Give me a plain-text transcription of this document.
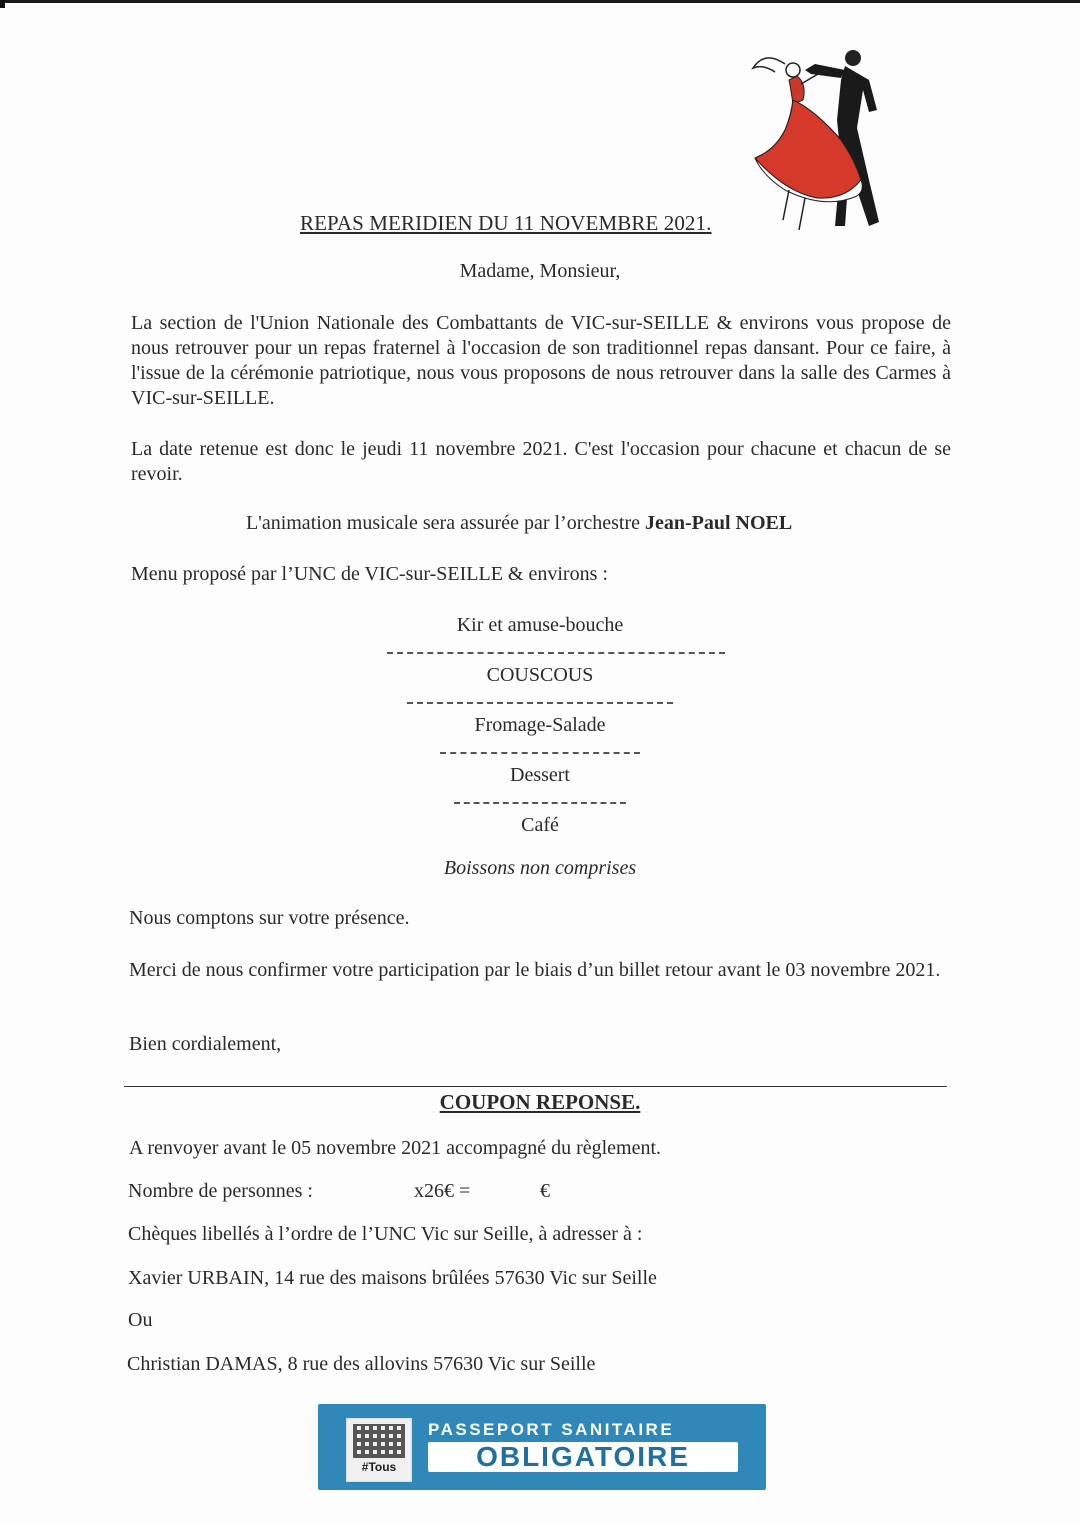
REPAS MERIDIEN DU 11 NOVEMBRE 2021.
Madame, Monsieur,
La section de l'Union Nationale des Combattants de VIC-sur-SEILLE & environs vous propose de nous retrouver pour un repas fraternel à l'occasion de son traditionnel repas dansant. Pour ce faire, à l'issue de la cérémonie patriotique, nous vous proposons de nous retrouver dans la salle des Carmes à VIC-sur-SEILLE.
La date retenue est donc le jeudi 11 novembre 2021. C'est l'occasion pour chacune et chacun de se revoir.
L'animation musicale sera assurée par l’orchestre Jean-Paul NOEL
Menu proposé par l’UNC de VIC-sur-SEILLE & environs :
Kir et amuse-bouche
COUSCOUS
Fromage-Salade
Dessert
Café
Boissons non comprises
Nous comptons sur votre présence.
Merci de nous confirmer votre participation par le biais d’un billet retour avant le 03 novembre 2021.
Bien cordialement,
COUPON REPONSE.
A renvoyer avant le 05 novembre 2021 accompagné du règlement.
Nombre de personnes :	x26€ =	€
Chèques libellés à l’ordre de l’UNC Vic sur Seille, à adresser à :
Xavier URBAIN, 14 rue des maisons brûlées 57630 Vic sur Seille
Ou
Christian DAMAS, 8 rue des allovins 57630 Vic sur Seille
#Tous
PASSEPORT SANITAIRE
OBLIGATOIRE
